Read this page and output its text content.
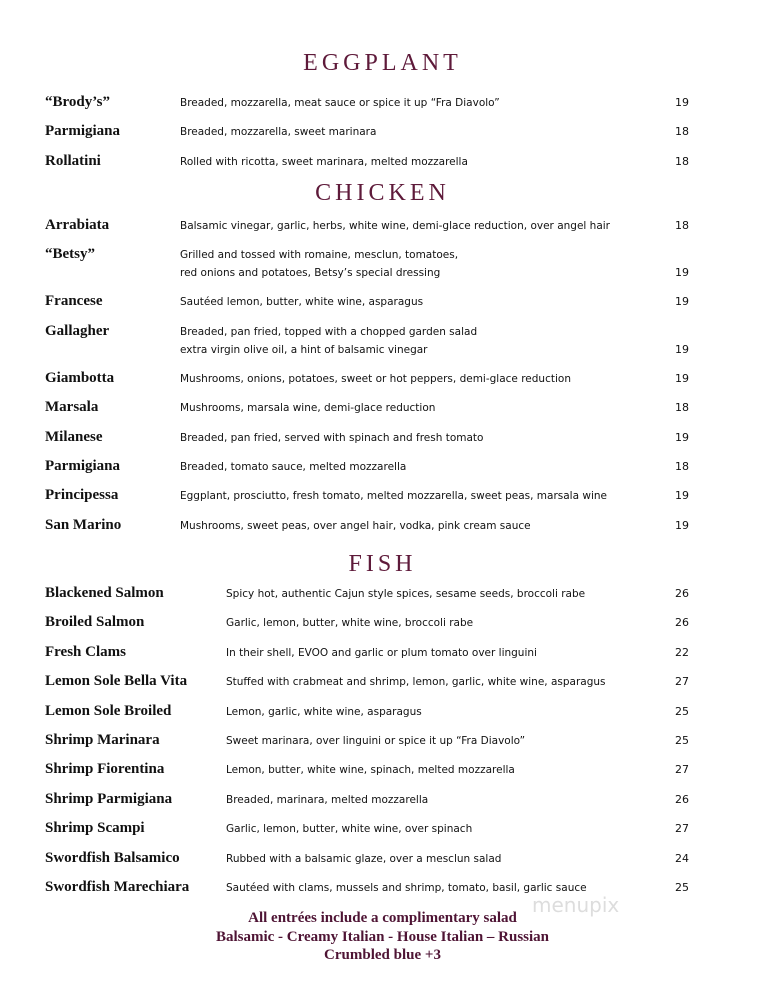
EGGPLANT
“Brody’s”	Breaded, mozzarella, meat sauce or spice it up “Fra Diavolo”	19
Parmigiana	Breaded, mozzarella, sweet marinara	18
Rollatini	Rolled with ricotta, sweet marinara, melted mozzarella	18
CHICKEN
Arrabiata	Balsamic vinegar, garlic, herbs, white wine, demi-glace reduction, over angel hair	18
“Betsy”	Grilled and tossed with romaine, mesclun, tomatoes,
red onions and potatoes, Betsy’s special dressing	19
Francese	Sautéed lemon, butter, white wine, asparagus	19
Gallagher	Breaded, pan fried, topped with a chopped garden salad
extra virgin olive oil, a hint of balsamic vinegar	19
Giambotta	Mushrooms, onions, potatoes, sweet or hot peppers, demi-glace reduction	19
Marsala	Mushrooms, marsala wine, demi-glace reduction	18
Milanese	Breaded, pan fried, served with spinach and fresh tomato	19
Parmigiana	Breaded, tomato sauce, melted mozzarella	18
Principessa	Eggplant, prosciutto, fresh tomato, melted mozzarella, sweet peas, marsala wine	19
San Marino	Mushrooms, sweet peas, over angel hair, vodka, pink cream sauce	19
FISH
Blackened Salmon	Spicy hot, authentic Cajun style spices, sesame seeds, broccoli rabe	26
Broiled Salmon	Garlic, lemon, butter, white wine, broccoli rabe	26
Fresh Clams	In their shell, EVOO and garlic or plum tomato over linguini	22
Lemon Sole Bella Vita	Stuffed with crabmeat and shrimp, lemon, garlic, white wine, asparagus	27
Lemon Sole Broiled	Lemon, garlic, white wine, asparagus	25
Shrimp Marinara	Sweet marinara, over linguini or spice it up “Fra Diavolo”	25
Shrimp Fiorentina	Lemon, butter, white wine, spinach, melted mozzarella	27
Shrimp Parmigiana	Breaded, marinara, melted mozzarella	26
Shrimp Scampi	Garlic, lemon, butter, white wine, over spinach	27
Swordfish Balsamico	Rubbed with a balsamic glaze, over a mesclun salad	24
Swordfish Marechiara	Sautéed with clams, mussels and shrimp, tomato, basil, garlic sauce	25
All entrées include a complimentary salad
Balsamic - Creamy Italian - House Italian – Russian
Crumbled blue +3
menupix
